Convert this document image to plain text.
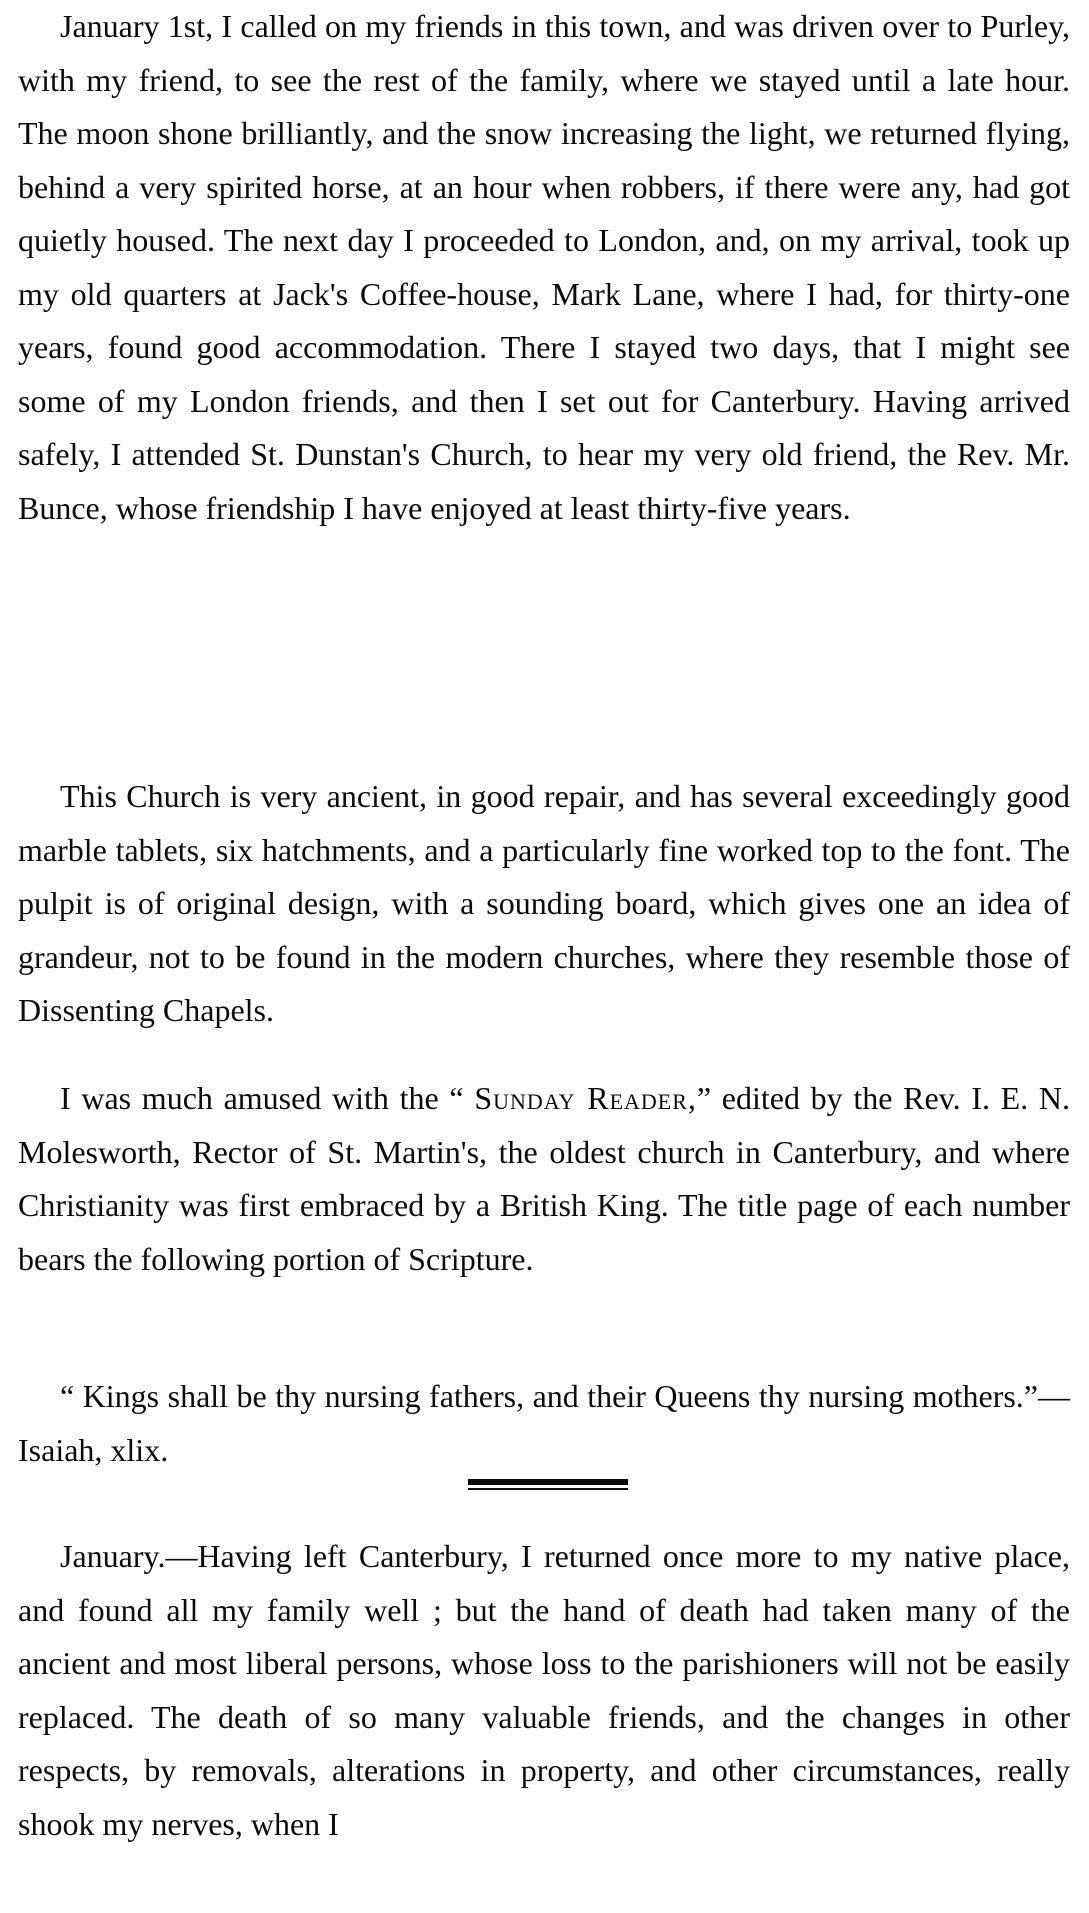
January 1st, I called on my friends in this town, and was driven over to Purley, with my friend, to see the rest of the family, where we stayed until a late hour. The moon shone brilliantly, and the snow increasing the light, we returned flying, behind a very spirited horse, at an hour when robbers, if there were any, had got quietly housed. The next day I proceeded to London, and, on my arrival, took up my old quarters at Jack's Coffee-house, Mark Lane, where I had, for thirty-one years, found good accommodation. There I stayed two days, that I might see some of my London friends, and then I set out for Canterbury. Having arrived safely, I attended St. Dunstan's Church, to hear my very old friend, the Rev. Mr. Bunce, whose friendship I have enjoyed at least thirty-five years.

This Church is very ancient, in good repair, and has several exceedingly good marble tablets, six hatchments, and a particularly fine worked top to the font. The pulpit is of original design, with a sounding board, which gives one an idea of grandeur, not to be found in the modern churches, where they resemble those of Dissenting Chapels.

I was much amused with the “ Sunday Reader,” edited by the Rev. I. E. N. Molesworth, Rector of St. Martin's, the oldest church in Canterbury, and where Christianity was first embraced by a British King. The title page of each number bears the following portion of Scripture.

“ Kings shall be thy nursing fathers, and their Queens thy nursing mothers.”—Isaiah, xlix.

January.—Having left Canterbury, I returned once more to my native place, and found all my family well ; but the hand of death had taken many of the ancient and most liberal persons, whose loss to the parishioners will not be easily replaced. The death of so many valuable friends, and the changes in other respects, by removals, alterations in property, and other circumstances, really shook my nerves, when I
